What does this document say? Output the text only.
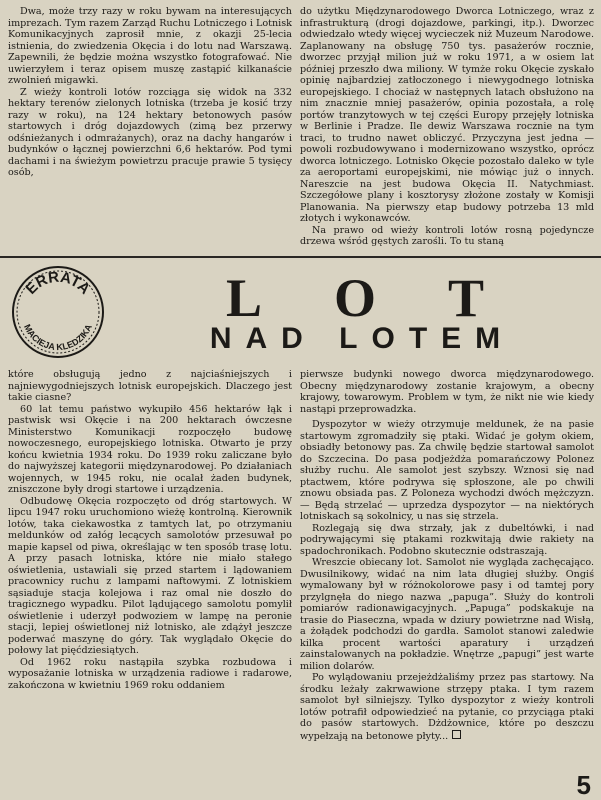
Dwa, może trzy razy w roku bywam na interesujących imprezach. Tym razem Zarząd Ruchu Lotniczego i Lotnisk Komunikacyjnych zaprosił mnie, z okazji 25-lecia istnienia, do zwiedzenia Okęcia i do lotu nad Warszawą. Zapewnili, że będzie można wszystko fotografować. Nie uwierzyłem i teraz opisem muszę zastąpić kilkanaście zwolnień migawki.

Z wieży kontroli lotów rozciąga się widok na 332 hektary terenów zielonych lotniska (trzeba je kosić trzy razy w roku), na 124 hektary betonowych pasów startowych i dróg dojazdowych (zimą bez przerwy odśnieżanych i odmrażanych), oraz na dachy hangarów i budynków o łącznej powierzchni 6,6 hektarów. Pod tymi dachami i na świeżym powietrzu pracuje prawie 5 tysięcy osób,

do użytku Międzynarodowego Dworca Lotniczego, wraz z infrastrukturą (drogi dojazdowe, parkingi, itp.). Dworzec odwiedzało wtedy więcej wycieczek niż Muzeum Narodowe. Zaplanowany na obsługę 750 tys. pasażerów rocznie, dworzec przyjął milion już w roku 1971, a w osiem lat później przeszło dwa miliony. W tymże roku Okęcie zyskało opinię najbardziej zatłoczonego i niewygodnego lotniska europejskiego. I chociaż w następnych latach obsłużono na nim znacznie mniej pasażerów, opinia pozostała, a rolę portów tranzytowych w tej części Europy przejęły lotniska w Berlinie i Pradze. Ile dewiz Warszawa rocznie na tym traci, to trudno nawet obliczyć. Przyczyna jest jedna — powoli rozbudowywano i modernizowano wszystko, oprócz dworca lotniczego. Lotnisko Okęcie pozostało daleko w tyle za aeroportami europejskimi, nie mówiąc już o innych. Nareszcie na jest budowa Okęcia II. Natychmiast. Szczegółowe plany i kosztorysy złożone zostały w Komisji Planowania. Na pierwszy etap budowy potrzeba 13 mld złotych i wykonawców.

Na prawo od wieży kontroli lotów rosną pojedyncze drzewa wśród gęstych zarośli. To tu staną

ERRATA
MACIEJA KLEDZIKA	LOT
NAD LOTEM

które obsługują jedno z najciaśniejszych i najniewygodniejszych lotnisk europejskich. Dlaczego jest takie ciasne?

60 lat temu państwo wykupiło 456 hektarów łąk i pastwisk wsi Okęcie i na 200 hektarach ówczesne Ministerstwo Komunikacji rozpoczęło budowę nowoczesnego, europejskiego lotniska. Otwarto je przy końcu kwietnia 1934 roku. Do 1939 roku zaliczane było do najwyższej kategorii międzynarodowej. Po działaniach wojennych, w 1945 roku, nie ocalał żaden budynek, zniszczone były drogi startowe i urządzenia.

Odbudowę Okęcia rozpoczęto od dróg startowych. W lipcu 1947 roku uruchomiono wieżę kontrolną. Kierownik lotów, taka ciekawostka z tamtych lat, po otrzymaniu meldunków od załóg lecących samolotów przesuwał po mapie kapsel od piwa, określając w ten sposób trasę lotu. A przy pasach lotniska, które nie miało stałego oświetlenia, ustawiali się przed startem i lądowaniem pracownicy ruchu z lampami naftowymi. Z lotniskiem sąsiaduje stacja kolejowa i raz omal nie doszło do tragicznego wypadku. Pilot lądującego samolotu pomylił oświetlenie i uderzył podwoziem w lampę na peronie stacji, lepiej oświetlonej niż lotnisko, ale zdążył jeszcze poderwać maszynę do góry. Tak wyglądało Okęcie do połowy lat pięćdziesiątych.

Od 1962 roku nastąpiła szybka rozbudowa i wyposażanie lotniska w urządzenia radiowe i radarowe, zakończona w kwietniu 1969 roku oddaniem

pierwsze budynki nowego dworca międzynarodowego. Obecny międzynarodowy zostanie krajowym, a obecny krajowy, towarowym. Problem w tym, że nikt nie wie kiedy nastąpi przeprowadzka.

Dyspozytor w wieży otrzymuje meldunek, że na pasie startowym zgromadziły się ptaki. Widać je gołym okiem, obsiadły betonowy pas. Za chwilę będzie startował samolot do Szczecina. Do pasa podjeżdża pomarańczowy Polonez służby ruchu. Ale samolot jest szybszy. Wznosi się nad ptactwem, które podrywa się spłoszone, ale po chwili znowu obsiada pas. Z Poloneza wychodzi dwóch mężczyzn. — Będą strzelać — uprzedza dyspozytor — na niektórych lotniskach są sokolnicy, u nas się strzela.

Rozlegają się dwa strzały, jak z dubeltówki, i nad podrywającymi się ptakami rozkwitają dwie rakiety na spadochronikach. Podobno skutecznie odstraszają.

Wreszcie obiecany lot. Samolot nie wygląda zachęcająco. Dwusilnikowy, widać na nim lata długiej służby. Ongiś wymalowany był w różnokolorowe pasy i od tamtej pory przylgnęła do niego nazwa „papuga”. Służy do kontroli pomiarów radionawigacyjnych. „Papuga” podskakuje na trasie do Piaseczna, wpada w dziury powietrzne nad Wisłą, a żołądek podchodzi do gardła. Samolot stanowi zaledwie kilka procent wartości aparatury i urządzeń zainstalowanych na pokładzie. Wnętrze „papugi” jest warte milion dolarów.

Po wylądowaniu przejeżdżaliśmy przez pas startowy. Na środku leżały zakrwawione strzępy ptaka. I tym razem samolot był silniejszy. Tylko dyspozytor z wieży kontroli lotów potrafił odpowiedzieć na pytanie, co przyciąga ptaki do pasów startowych. Dżdżownice, które po deszczu wypełzają na betonowe płyty...

5
